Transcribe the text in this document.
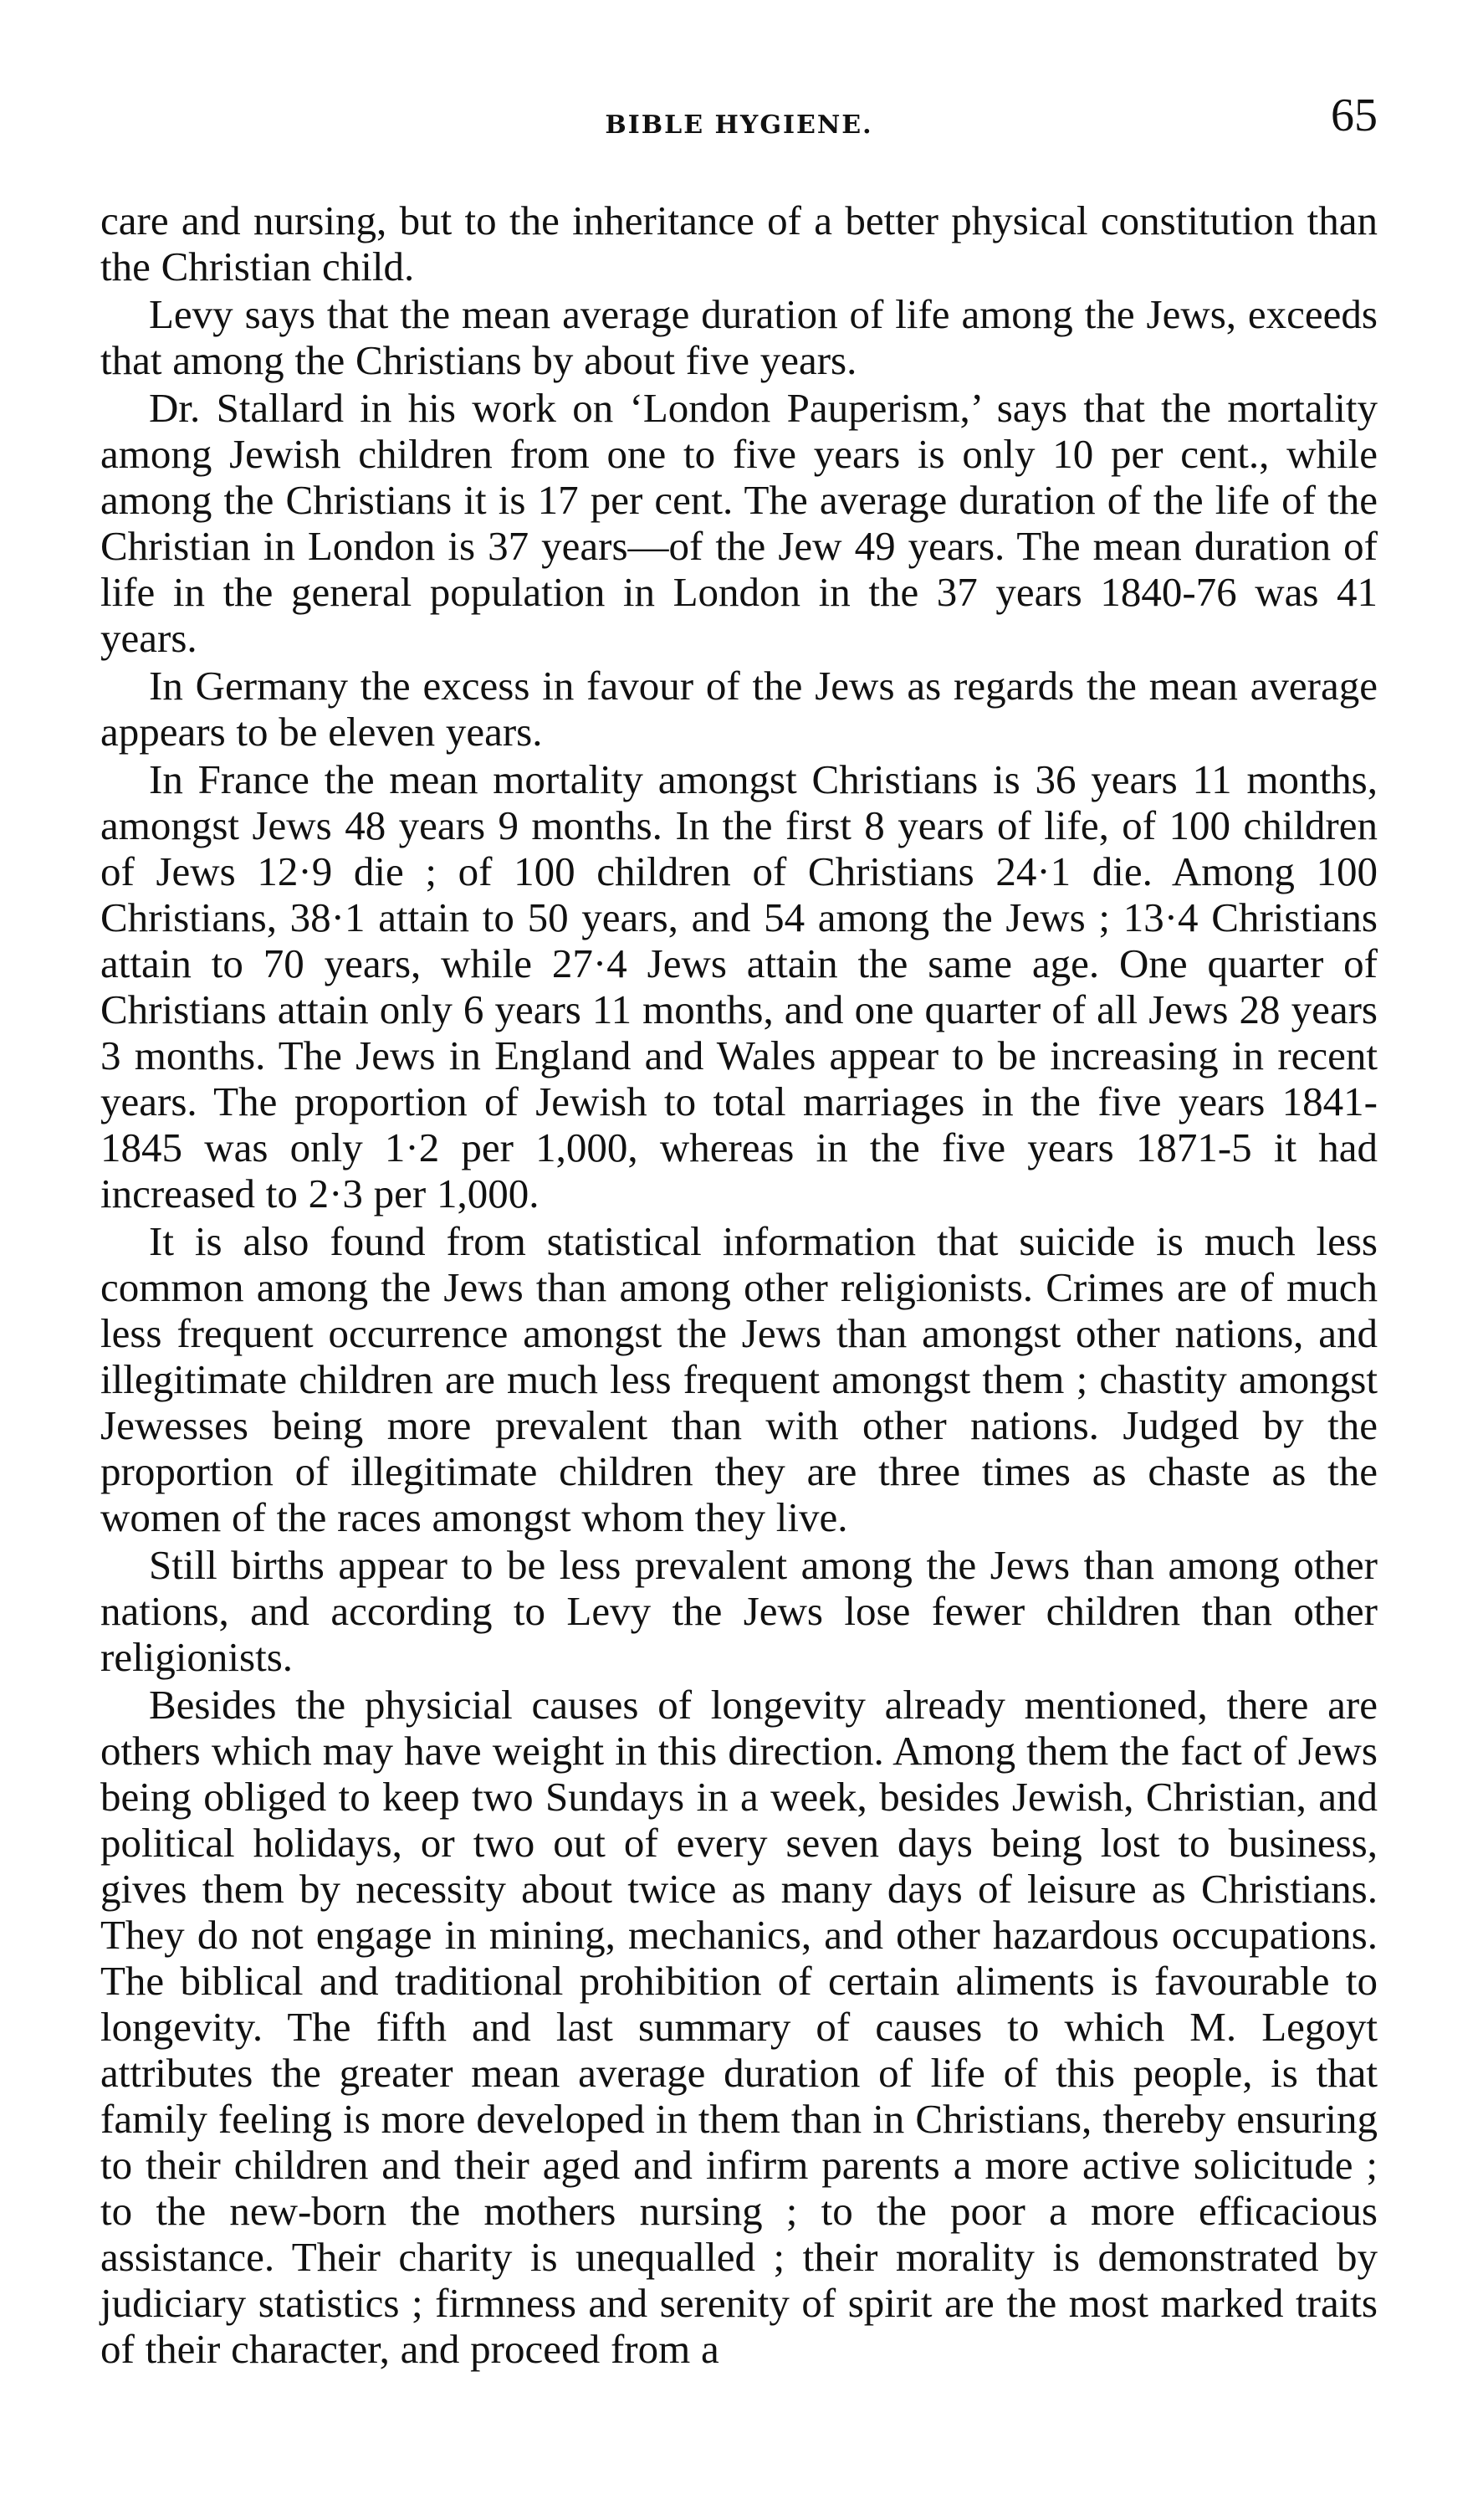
BIBLE HYGIENE.	65

care and nursing, but to the inheritance of a better physical constitution than the Christian child.

Levy says that the mean average duration of life among the Jews, exceeds that among the Christians by about five years.

Dr. Stallard in his work on ‘London Pauperism,’ says that the mortality among Jewish children from one to five years is only 10 per cent., while among the Christians it is 17 per cent. The average duration of the life of the Christian in London is 37 years—of the Jew 49 years. The mean duration of life in the general population in London in the 37 years 1840-76 was 41 years.

In Germany the excess in favour of the Jews as regards the mean average appears to be eleven years.

In France the mean mortality amongst Christians is 36 years 11 months, amongst Jews 48 years 9 months. In the first 8 years of life, of 100 children of Jews 12·9 die ; of 100 children of Christians 24·1 die. Among 100 Christians, 38·1 attain to 50 years, and 54 among the Jews ; 13·4 Christians attain to 70 years, while 27·4 Jews attain the same age. One quarter of Christians attain only 6 years 11 months, and one quarter of all Jews 28 years 3 months. The Jews in England and Wales appear to be increasing in recent years. The proportion of Jewish to total marriages in the five years 1841-1845 was only 1·2 per 1,000, whereas in the five years 1871-5 it had increased to 2·3 per 1,000.

It is also found from statistical information that suicide is much less common among the Jews than among other religionists. Crimes are of much less frequent occurrence amongst the Jews than amongst other nations, and illegitimate children are much less frequent amongst them ; chastity amongst Jewesses being more prevalent than with other nations. Judged by the proportion of illegitimate children they are three times as chaste as the women of the races amongst whom they live.

Still births appear to be less prevalent among the Jews than among other nations, and according to Levy the Jews lose fewer children than other religionists.

Besides the physicial causes of longevity already mentioned, there are others which may have weight in this direction. Among them the fact of Jews being obliged to keep two Sundays in a week, besides Jewish, Christian, and political holidays, or two out of every seven days being lost to business, gives them by necessity about twice as many days of leisure as Christians. They do not engage in mining, mechanics, and other hazardous occupations. The biblical and traditional prohibition of certain aliments is favourable to longevity. The fifth and last summary of causes to which M. Legoyt attributes the greater mean average duration of life of this people, is that family feeling is more developed in them than in Christians, thereby ensuring to their children and their aged and infirm parents a more active solicitude ; to the new-born the mothers nursing ; to the poor a more efficacious assistance. Their charity is unequalled ; their morality is demonstrated by judiciary statistics ; firmness and serenity of spirit are the most marked traits of their character, and proceed from a
